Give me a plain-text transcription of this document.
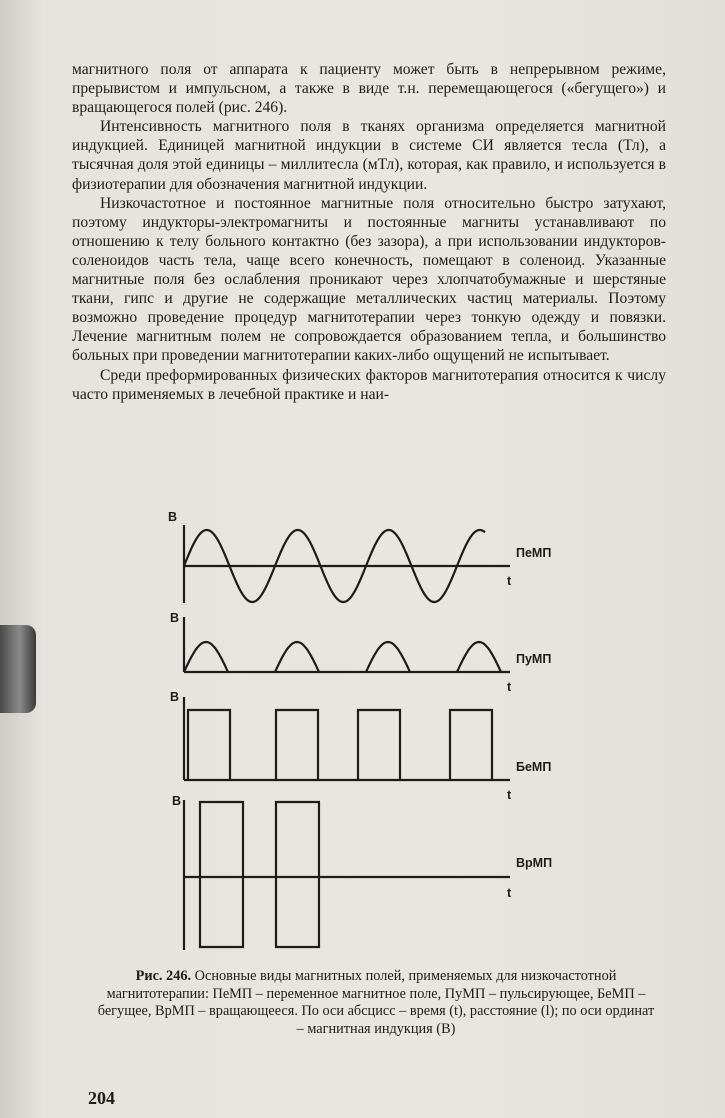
магнитного поля от аппарата к пациенту может быть в непрерывном режиме, прерывистом и импульсном, а также в виде т.н. перемещающегося («бегущего») и вращающегося полей (рис. 246).

Интенсивность магнитного поля в тканях организма определяется магнитной индукцией. Единицей магнитной индукции в системе СИ является тесла (Тл), а тысячная доля этой единицы – миллитесла (мТл), которая, как правило, и используется в физиотерапии для обозначения магнитной индукции.

Низкочастотное и постоянное магнитные поля относительно быстро затухают, поэтому индукторы-электромагниты и постоянные магниты устанавливают по отношению к телу больного контактно (без зазора), а при использовании индукторов-соленоидов часть тела, чаще всего конечность, помещают в соленоид. Указанные магнитные поля без ослабления проникают через хлопчатобумажные и шерстяные ткани, гипс и другие не содержащие металлических частиц материалы. Поэтому возможно проведение процедур магнитотерапии через тонкую одежду и повязки. Лечение магнитным полем не сопровождается образованием тепла, и большинство больных при проведении магнитотерапии каких-либо ощущений не испытывает.

Среди преформированных физических факторов магнитотерапия относится к числу часто применяемых в лечебной практике и наи-

B
ПеМП
t
B
ПуМП
t
B
БеМП
t
B
ВрМП
t
Рис. 246. Основные виды магнитных полей, применяемых для низкочастотной магнитотерапии: ПеМП – переменное магнитное поле, ПуМП – пульсирующее, БеМП – бегущее, ВрМП – вращающееся. По оси абсцисс – время (t), расстояние (l); по оси ординат – магнитная индукция (B)
204
